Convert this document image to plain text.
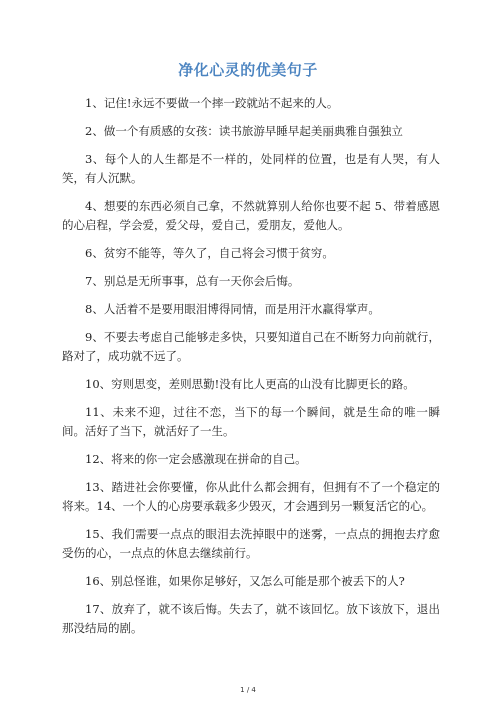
净化心灵的优美句子

1、记住!永远不要做一个摔一跤就站不起来的人。

2、做一个有质感的女孩：读书旅游早睡早起美丽典雅自强独立

3、每个人的人生都是不一样的，处同样的位置，也是有人哭，有人笑，有人沉默。

4、想要的东西必须自己拿，不然就算别人给你也要不起 5、带着感恩的心启程，学会爱，爱父母，爱自己，爱朋友，爱他人。

6、贫穷不能等，等久了，自己将会习惯于贫穷。

7、别总是无所事事，总有一天你会后悔。

8、人活着不是要用眼泪博得同情，而是用汗水赢得掌声。

9、不要去考虑自己能够走多快，只要知道自己在不断努力向前就行，路对了，成功就不远了。

10、穷则思变，差则思勤!没有比人更高的山没有比脚更长的路。

11、未来不迎，过往不恋，当下的每一个瞬间，就是生命的唯一瞬间。活好了当下，就活好了一生。

12、将来的你一定会感激现在拼命的自己。

13、踏进社会你要懂，你从此什么都会拥有，但拥有不了一个稳定的将来。14、一个人的心房要承载多少毁灭，才会遇到另一颗复活它的心。

15、我们需要一点点的眼泪去洗掉眼中的迷雾，一点点的拥抱去疗愈受伤的心，一点点的休息去继续前行。

16、别总怪谁，如果你足够好，又怎么可能是那个被丢下的人?

17、放弃了，就不该后悔。失去了，就不该回忆。放下该放下，退出那没结局的剧。

1 / 4
